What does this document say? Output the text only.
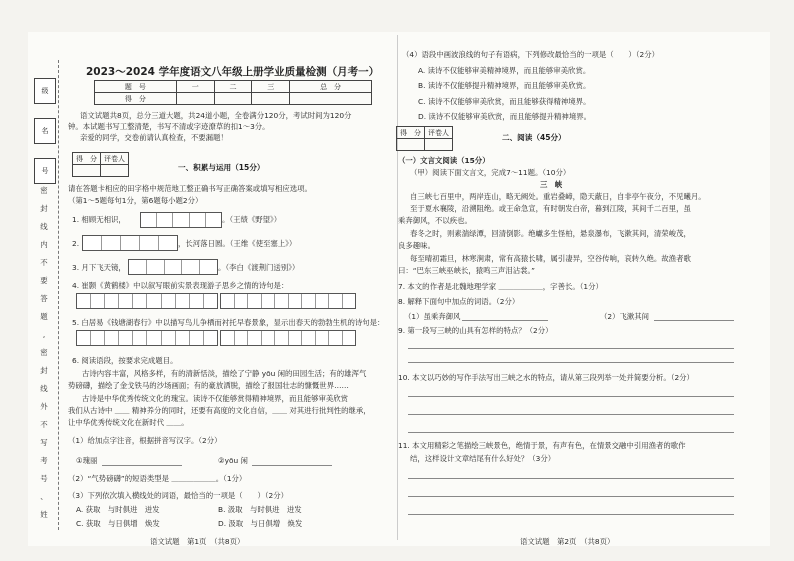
级
名
号
密
封
线
内
不
要
答
题
,
密
封
线
外
不
写
考
号
、
姓
2023～2024 学年度语文八年级上册学业质量检测（月考一）
题　号	一	二	三	总　分
得　分				
语文试题共8页，总分三道大题，共24道小题，全卷满分120分，考试时间为120分
钟。本试题书写工整清楚，书写不清或字迹潦草的扣1～3分。
亲爱的同学，交卷前请认真检查，不要漏题！
得　分	评卷人

一、积累与运用（15分）
请在答题卡相应的田字格中规范地工整正确书写正确答案或填写相应选项。
（第1～5题每句1分，第6题每小题2分）
1. 相顾无相识，	。（王绩《野望》）
2.	，长河落日圆。（王维《使至塞上》）
3. 月下飞天镜，	。（李白《渡荆门送别》）
4. 崔颢《黄鹤楼》中以叙写眼前实景表现游子思乡之情的诗句是：
5. 白居易《钱塘湖春行》中以描写鸟儿争栖而衬托早春景象，显示出春天的勃勃生机的诗句是：
6. 阅读语段，按要求完成题目。
古诗内容丰富，风格多样，有的清新恬淡，描绘了宁静 yōu 闲的田园生活；有的雄浑气
势磅礴，描绘了金戈铁马的沙场画面；有的豪放洒脱，描绘了报国壮志的慷慨世界……
古诗是中华优秀传统文化的瑰宝。读诗不仅能够赏得精神境界，而且能够审美欣赏
我们从古诗中 ＿＿ 精神养分的同时，还要有高度的文化自信，＿＿ 对其进行批判性的继承，
让中华优秀传统文化在新时代 ＿＿。
（1）给加点字注音，根据拼音写汉字。（2分）
①瑰丽	②yōu 闲
（2）“气势磅礴”的短语类型是 ＿＿＿＿＿＿。（1分）
（3）下列依次填入横线处的词语，最恰当的一项是（　　）（2分）
A. 获取　与时俱进　迸发	B. 汲取　与时俱进　迸发
C. 获取　与日俱增　焕发	D. 汲取　与日俱增　焕发
语文试题　第1页　（共8页）
（4）语段中画波浪线的句子有语病，下列修改最恰当的一项是（　　）（2分）
A. 读诗不仅能够审美精神境界，而且能够审美欣赏。
B. 读诗不仅能够提升精神境界，而且能够审美欣赏。
C. 读诗不仅能够审美欣赏，而且能够获得精神境界。
D. 读诗不仅能够审美欣赏，而且能够提升精神境界。
得　分	评卷人

二、阅读（45分）
（一）文言文阅读（15分）
（甲）阅读下面文言文，完成7～11题。（10分）
三　峡
自三峡七百里中，两岸连山，略无阙处。重岩叠嶂，隐天蔽日，自非亭午夜分，不见曦月。
至于夏水襄陵，沿溯阻绝。或王命急宣，有时朝发白帝，暮到江陵，其间千二百里，虽
乘奔御风，不以疾也。
春冬之时，则素湍绿潭，回清倒影。绝巘多生怪柏，悬泉瀑布，飞漱其间，清荣峻茂，
良多趣味。
每至晴初霜旦，林寒涧肃，常有高猿长啸，属引凄异，空谷传响，哀转久绝。故渔者歌
曰：“巴东三峡巫峡长，猿鸣三声泪沾裳。”
7. 本文的作者是北魏地理学家 ＿＿＿＿＿＿，字善长。（1分）
8. 解释下面句中加点的词语。（2分）
（1）虽乘奔御风	（2）飞漱其间
9. 第一段写三峡的山具有怎样的特点？（2分）
10. 本文以巧妙的写作手法写出三峡之水的特点，请从第三段列举一处并简要分析。（2分）
11. 本文用精彩之笔描绘三峡景色，绝情于景，有声有色，在情景交融中引用渔者的歌作
结，这样设计文章结尾有什么好处？（3分）
语文试题　第2页　（共8页）
